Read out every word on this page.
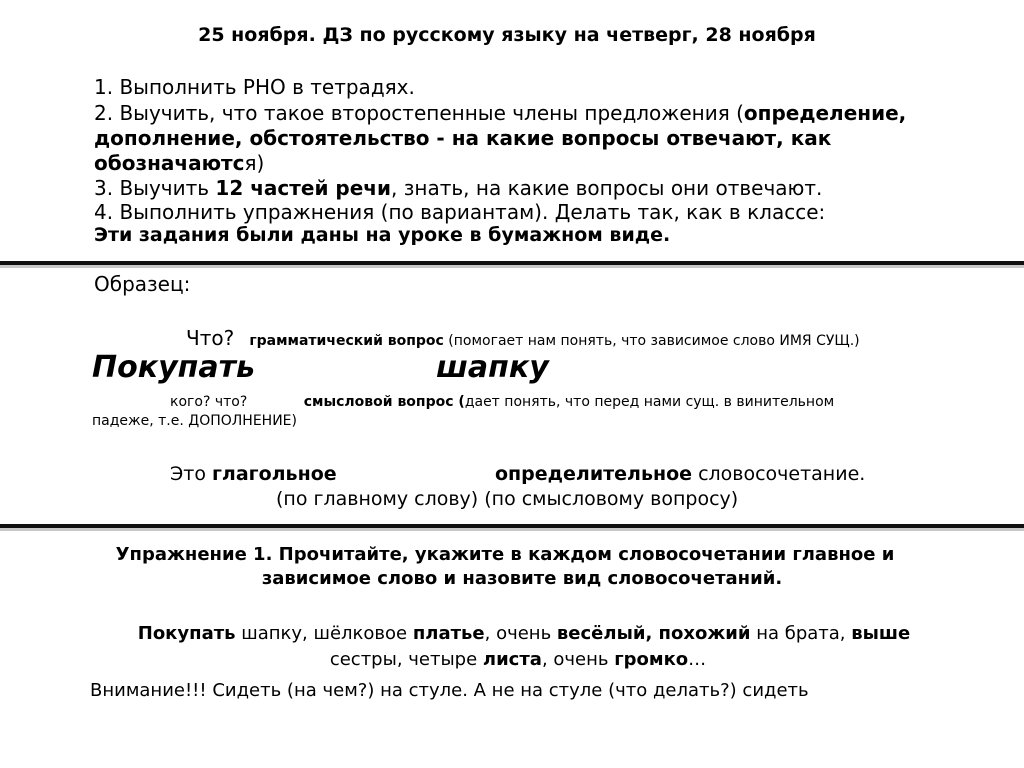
25 ноября. ДЗ по русскому языку на четверг, 28 ноября
1. Выполнить РНО в тетрадях.
2. Выучить, что такое второстепенные члены предложения (определение,
дополнение, обстоятельство - на какие вопросы отвечают, как
обозначаются)
3. Выучить 12 частей речи, знать, на какие вопросы они отвечают.
4. Выполнить упражнения (по вариантам). Делать так, как в классе:
Эти задания были даны на уроке в бумажном виде.
Образец:
Что? грамматический вопрос (помогает нам понять, что зависимое слово ИМЯ СУЩ.)
Покупать	шапку
кого? что?	смысловой вопрос (дает понять, что перед нами сущ. в винительном
падеже, т.е. ДОПОЛНЕНИЕ)
Это глагольное	определительное словосочетание.
(по главному слову) (по смысловому вопросу)
Упражнение 1. Прочитайте, укажите в каждом словосочетании главное и
зависимое слово и назовите вид словосочетаний.
Покупать шапку, шёлковое платье, очень весёлый, похожий на брата, выше
сестры, четыре листа, очень громко…
Внимание!!! Сидеть (на чем?) на стуле. А не на стуле (что делать?) сидеть
